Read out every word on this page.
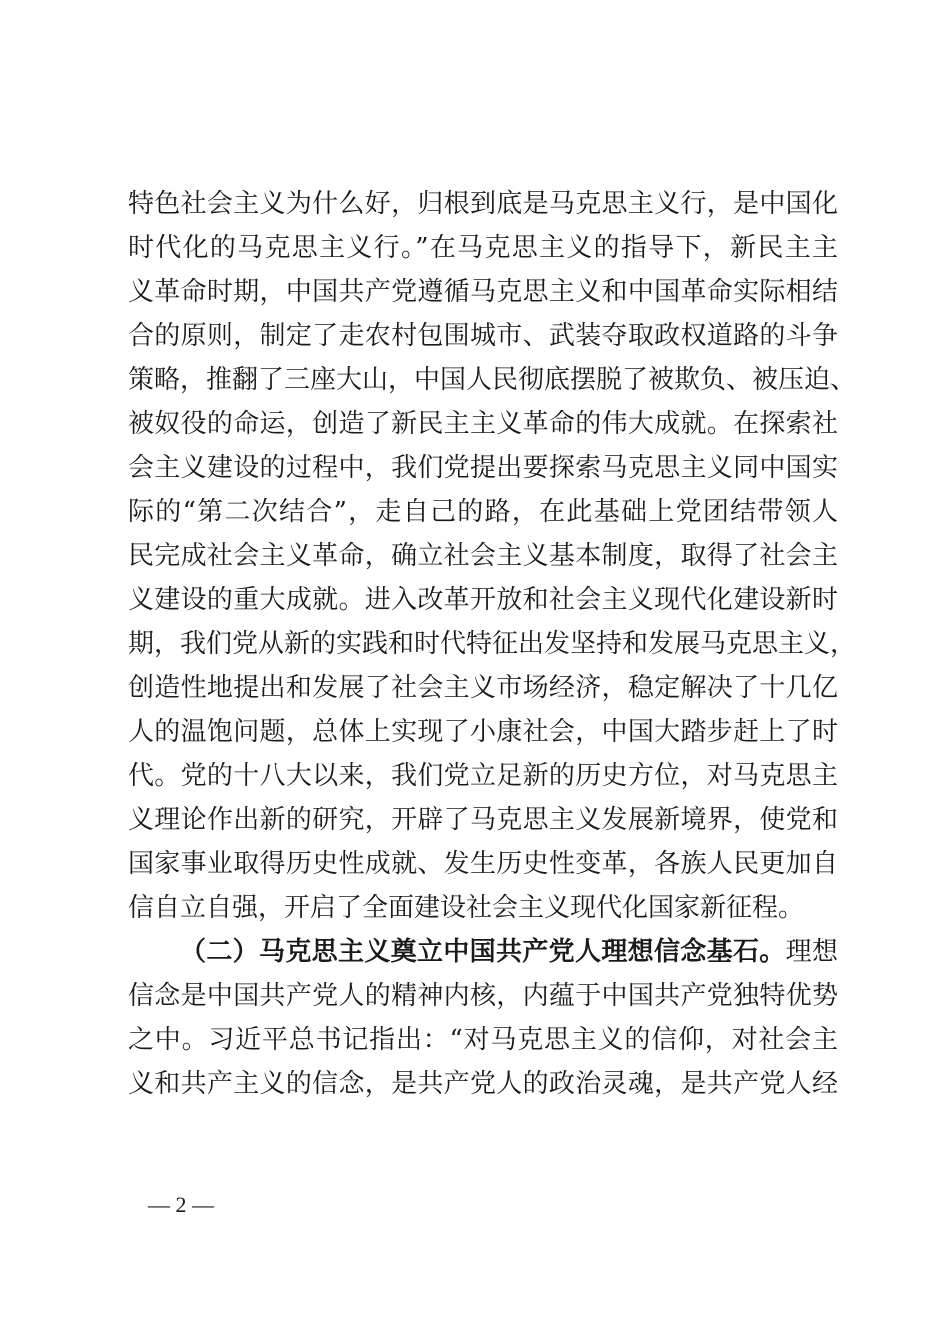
特色社会主义为什么好，归根到底是马克思主义行，是中国化
时代化的马克思主义行。”在马克思主义的指导下，新民主主
义革命时期，中国共产党遵循马克思主义和中国革命实际相结
合的原则，制定了走农村包围城市、武装夺取政权道路的斗争
策略，推翻了三座大山，中国人民彻底摆脱了被欺负、被压迫、
被奴役的命运，创造了新民主主义革命的伟大成就。在探索社
会主义建设的过程中，我们党提出要探索马克思主义同中国实
际的“第二次结合”，走自己的路，在此基础上党团结带领人
民完成社会主义革命，确立社会主义基本制度，取得了社会主
义建设的重大成就。进入改革开放和社会主义现代化建设新时
期，我们党从新的实践和时代特征出发坚持和发展马克思主义，
创造性地提出和发展了社会主义市场经济，稳定解决了十几亿
人的温饱问题，总体上实现了小康社会，中国大踏步赶上了时
代。党的十八大以来，我们党立足新的历史方位，对马克思主
义理论作出新的研究，开辟了马克思主义发展新境界，使党和
国家事业取得历史性成就、发生历史性变革，各族人民更加自
信自立自强，开启了全面建设社会主义现代化国家新征程。
（二）马克思主义奠立中国共产党人理想信念基石。理想
信念是中国共产党人的精神内核，内蕴于中国共产党独特优势
之中。习近平总书记指出：“对马克思主义的信仰，对社会主
义和共产主义的信念，是共产党人的政治灵魂，是共产党人经
— 2 —
